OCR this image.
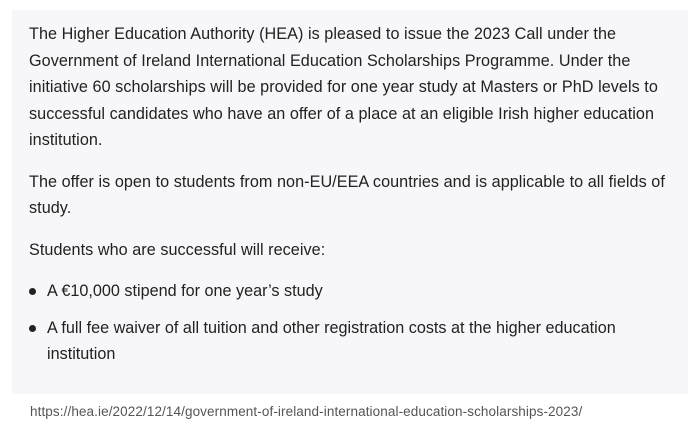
The Higher Education Authority (HEA) is pleased to issue the 2023 Call under the Government of Ireland International Education Scholarships Programme. Under the initiative 60 scholarships will be provided for one year study at Masters or PhD levels to successful candidates who have an offer of a place at an eligible Irish higher education institution.

The offer is open to students from non-EU/EEA countries and is applicable to all fields of study.

Students who are successful will receive:

A €10,000 stipend for one year’s study
A full fee waiver of all tuition and other registration costs at the higher education institution
https://hea.ie/2022/12/14/government-of-ireland-international-education-scholarships-2023/
